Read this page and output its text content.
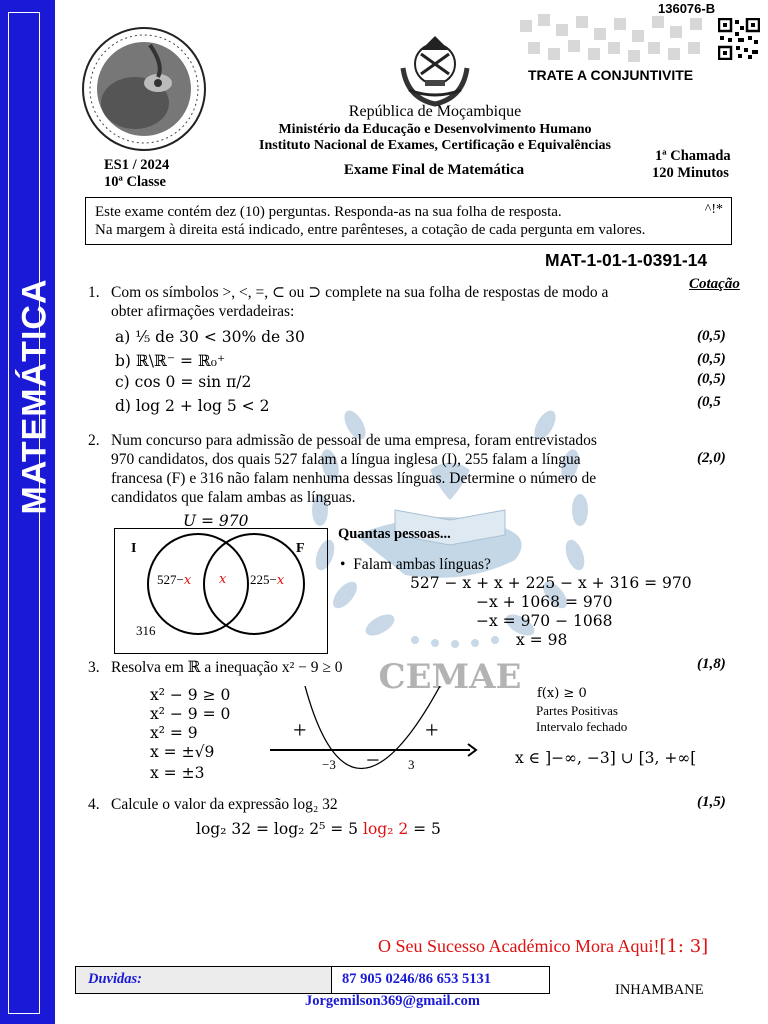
MATEMÁTICA
136076-B
TRATE A CONJUNTIVITE
República de Moçambique
Ministério da Educação e Desenvolvimento Humano
Instituto Nacional de Exames, Certificação e Equivalências
ES1 / 2024
10ª Classe
Exame Final de Matemática
1ª Chamada
120 Minutos
Este exame contém dez (10) perguntas. Responda-as na sua folha de resposta.	^!*
Na margem à direita está indicado, entre parênteses, a cotação de cada pergunta em valores.
MAT-1-01-1-0391-14
CEMAE
Cotação
1. Com os símbolos >, <, =, ⊂ ou ⊃ complete na sua folha de respostas de modo a
obter afirmações verdadeiras:
a) ⅕ de 30 < 30% de 30
b) ℝ\ℝ⁻ = ℝ₀⁺
c) cos 0 = sin π/2
d) log 2 + log 5 < 2
(0,5)
(0,5)
(0,5)
(0,5
2. Num concurso para admissão de pessoal de uma empresa, foram entrevistados
970 candidatos, dos quais 527 falam a língua inglesa (I), 255 falam a língua
francesa (F) e 316 não falam nenhuma dessas línguas. Determine o número de
candidatos que falam ambas as línguas.
(2,0)
U = 970
I	F
527−x x 225−x
316
Quantas pessoas...
•  Falam ambas línguas?
527 − x + x + 225 − x + 316 = 970
−x + 1068 = 970
−x = 970 − 1068
x = 98
3. Resolva em ℝ a inequação x² − 9 ≥ 0	(1,8)
x² − 9 ≥ 0
x² − 9 = 0
x² = 9
x = ±√9
x = ±3
+	+
−
−3	3
f(x) ≥ 0
Partes Positivas
Intervalo fechado
x ∈ ]−∞, −3] ∪ [3, +∞[
4. Calcule o valor da expressão log₂ 32	(1,5)
log₂ 32 = log₂ 2⁵ = 5 log₂ 2 = 5
O Seu Sucesso Académico Mora Aqui![1: 3]
Duvidas:	87 905 0246/86 653 5131
Jorgemilson369@gmail.com
INHAMBANE
